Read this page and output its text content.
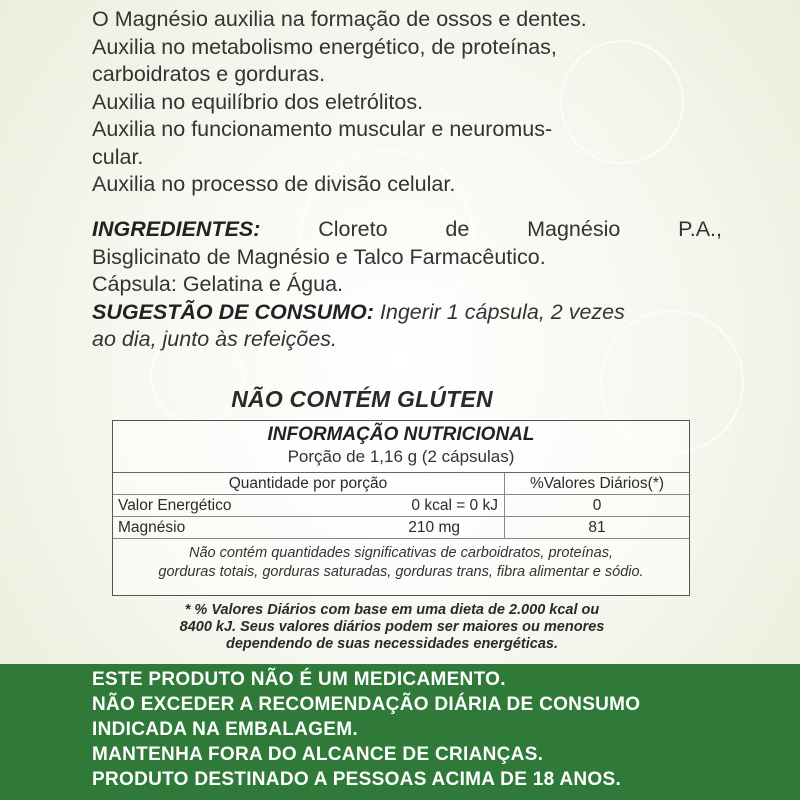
O Magnésio auxilia na formação de ossos e dentes.
Auxilia no metabolismo energético, de proteínas,
carboidratos e gorduras.
Auxilia no equilíbrio dos eletrólitos.
Auxilia no funcionamento muscular e neuromus-
cular.
Auxilia no processo de divisão celular.
INGREDIENTES:	Cloreto	de	Magnésio	P.A.,
Bisglicinato de Magnésio e Talco Farmacêutico.
Cápsula: Gelatina e Água.
SUGESTÃO DE CONSUMO: Ingerir 1 cápsula, 2 vezes
ao dia, junto às refeições.
NÃO CONTÉM GLÚTEN
INFORMAÇÃO NUTRICIONAL
Porção de 1,16 g (2 cápsulas)
Quantidade por porção	%Valores Diários(*)
Valor Energético	0 kcal = 0 kJ	0
Magnésio	210 mg	81
Não contém quantidades significativas de carboidratos, proteínas,
gorduras totais, gorduras saturadas, gorduras trans, fibra alimentar e sódio.
* % Valores Diários com base em uma dieta de 2.000 kcal ou
8400 kJ. Seus valores diários podem ser maiores ou menores
dependendo de suas necessidades energéticas.
ESTE PRODUTO NÃO É UM MEDICAMENTO.
NÃO EXCEDER A RECOMENDAÇÃO DIÁRIA DE CONSUMO
INDICADA NA EMBALAGEM.
MANTENHA FORA DO ALCANCE DE CRIANÇAS.
PRODUTO DESTINADO A PESSOAS ACIMA DE 18 ANOS.
